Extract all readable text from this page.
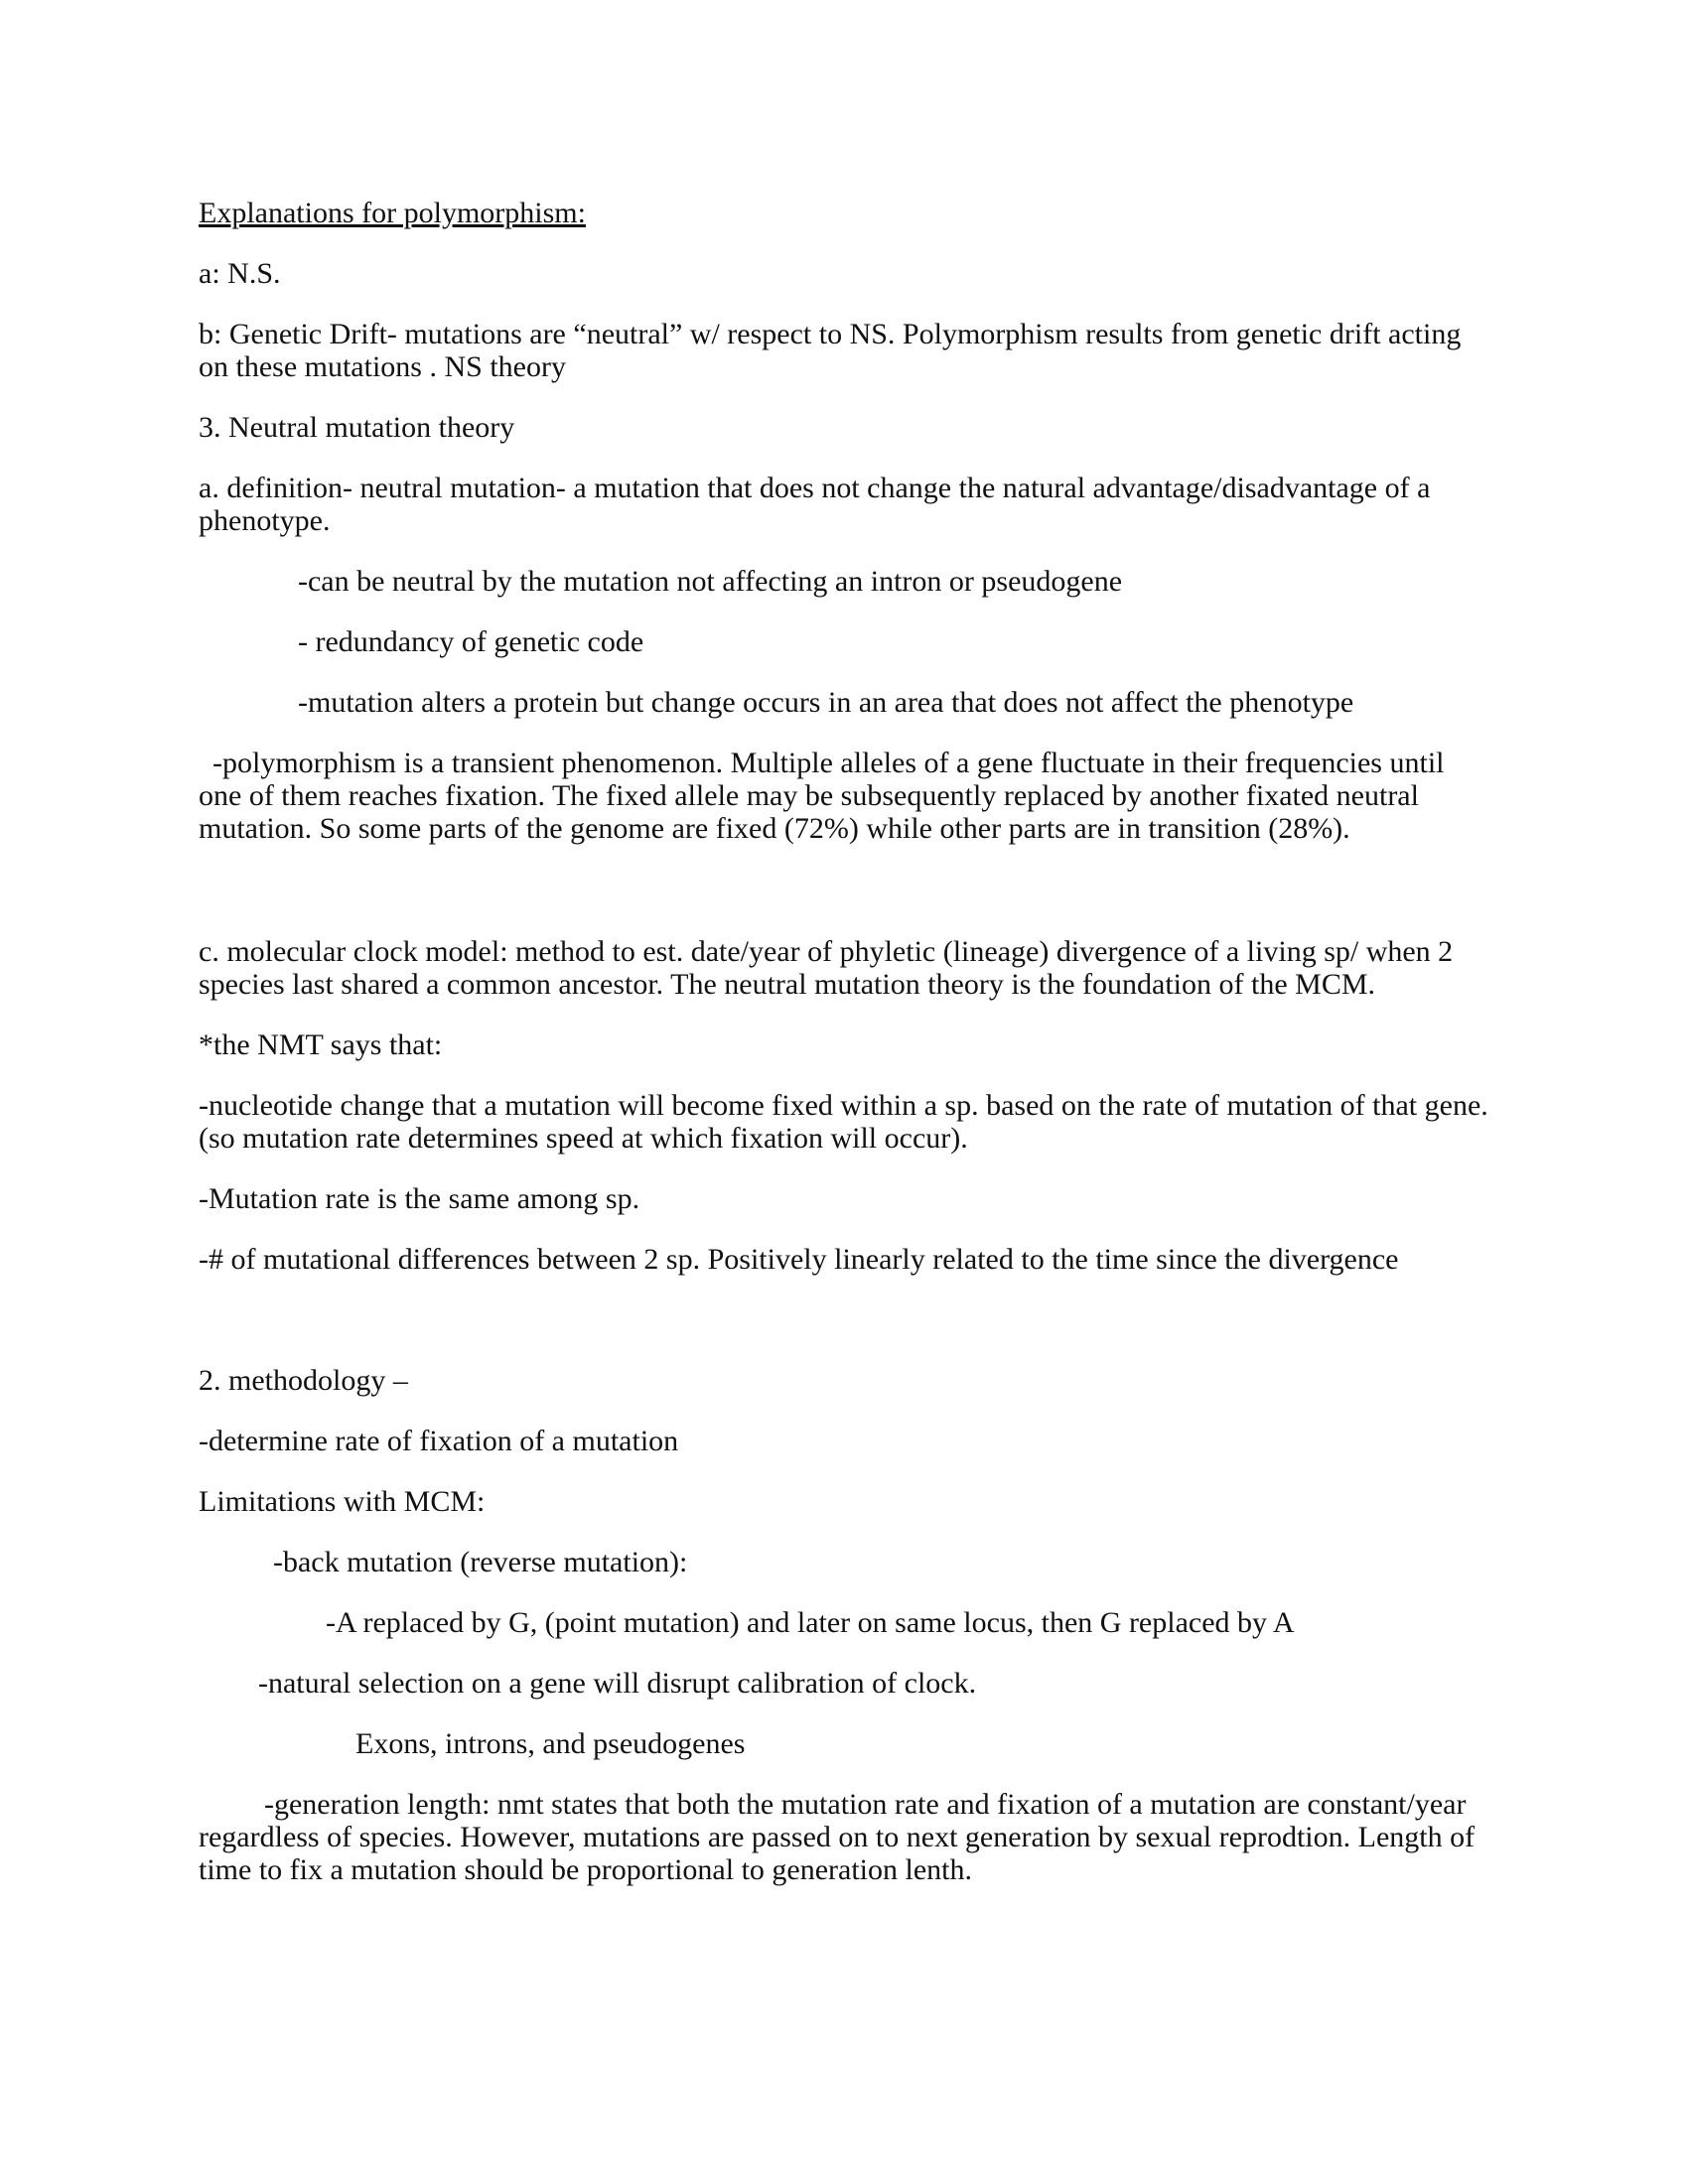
Explanations for polymorphism:

a: N.S.

b: Genetic Drift- mutations are “neutral” w/ respect to NS. Polymorphism results from genetic drift acting on these mutations . NS theory

3. Neutral mutation theory

a. definition- neutral mutation- a mutation that does not change the natural advantage/disadvantage of a phenotype.

-can be neutral by the mutation not affecting an intron or pseudogene

- redundancy of genetic code

-mutation alters a protein but change occurs in an area that does not affect the phenotype

-polymorphism is a transient phenomenon. Multiple alleles of a gene fluctuate in their frequencies until one of them reaches fixation. The fixed allele may be subsequently replaced by another fixated neutral mutation. So some parts of the genome are fixed (72%) while other parts are in transition (28%).

c. molecular clock model: method to est. date/year of phyletic (lineage) divergence of a living sp/ when 2 species last shared a common ancestor. The neutral mutation theory is the foundation of the MCM.

*the NMT says that:

-nucleotide change that a mutation will become fixed within a sp. based on the rate of mutation of that gene. (so mutation rate determines speed at which fixation will occur).

-Mutation rate is the same among sp.

-# of mutational differences between 2 sp. Positively linearly related to the time since the divergence

2. methodology –

-determine rate of fixation of a mutation

Limitations with MCM:

-back mutation (reverse mutation):

-A replaced by G, (point mutation) and later on same locus, then G replaced by A

-natural selection on a gene will disrupt calibration of clock.

Exons, introns, and pseudogenes

-generation length: nmt states that both the mutation rate and fixation of a mutation are constant/year regardless of species. However, mutations are passed on to next generation by sexual reprodtion. Length of time to fix a mutation should be proportional to generation lenth.
